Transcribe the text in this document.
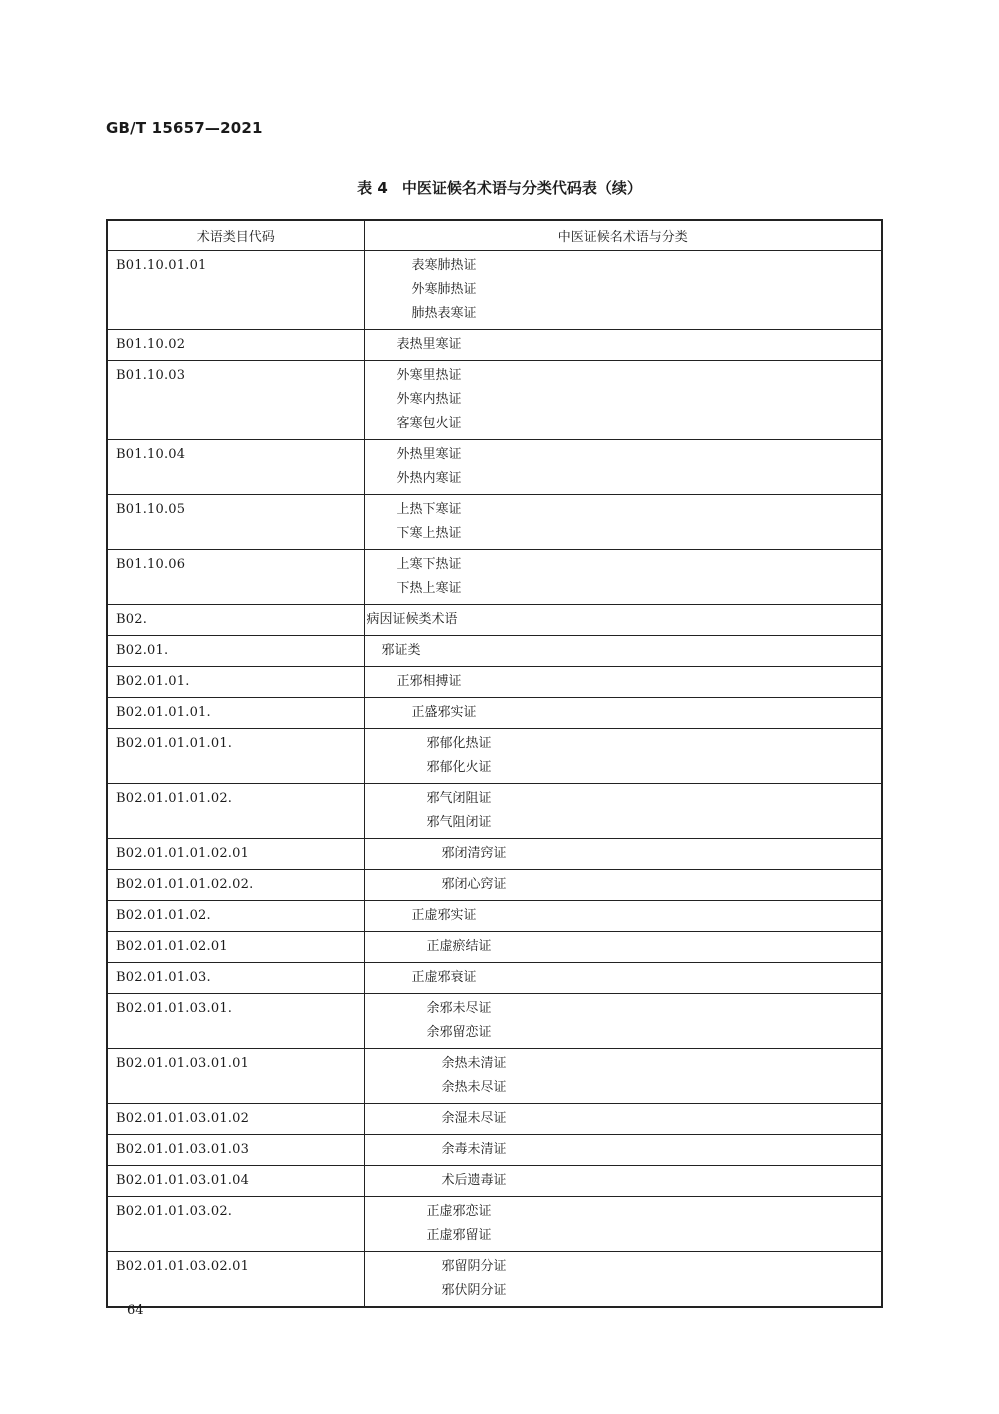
GB/T 15657—2021
表 4 中医证候名术语与分类代码表（续）
术语类目代码	中医证候名术语与分类
B01.10.01.01	表寒肺热证
外寒肺热证
肺热表寒证

B01.10.02	表热里寒证

B01.10.03	外寒里热证
外寒内热证
客寒包火证

B01.10.04	外热里寒证
外热内寒证

B01.10.05	上热下寒证
下寒上热证

B01.10.06	上寒下热证
下热上寒证

B02.	病因证候类术语

B02.01.	邪证类

B02.01.01.	正邪相搏证

B02.01.01.01.	正盛邪实证

B02.01.01.01.01.	邪郁化热证
邪郁化火证

B02.01.01.01.02.	邪气闭阻证
邪气阻闭证

B02.01.01.01.02.01	邪闭清窍证

B02.01.01.01.02.02.	邪闭心窍证

B02.01.01.02.	正虚邪实证

B02.01.01.02.01	正虚瘀结证

B02.01.01.03.	正虚邪衰证

B02.01.01.03.01.	余邪未尽证
余邪留恋证

B02.01.01.03.01.01	余热未清证
余热未尽证

B02.01.01.03.01.02	余湿未尽证

B02.01.01.03.01.03	余毒未清证

B02.01.01.03.01.04	术后遗毒证

B02.01.01.03.02.	正虚邪恋证
正虚邪留证

B02.01.01.03.02.01	邪留阴分证
邪伏阴分证
64
